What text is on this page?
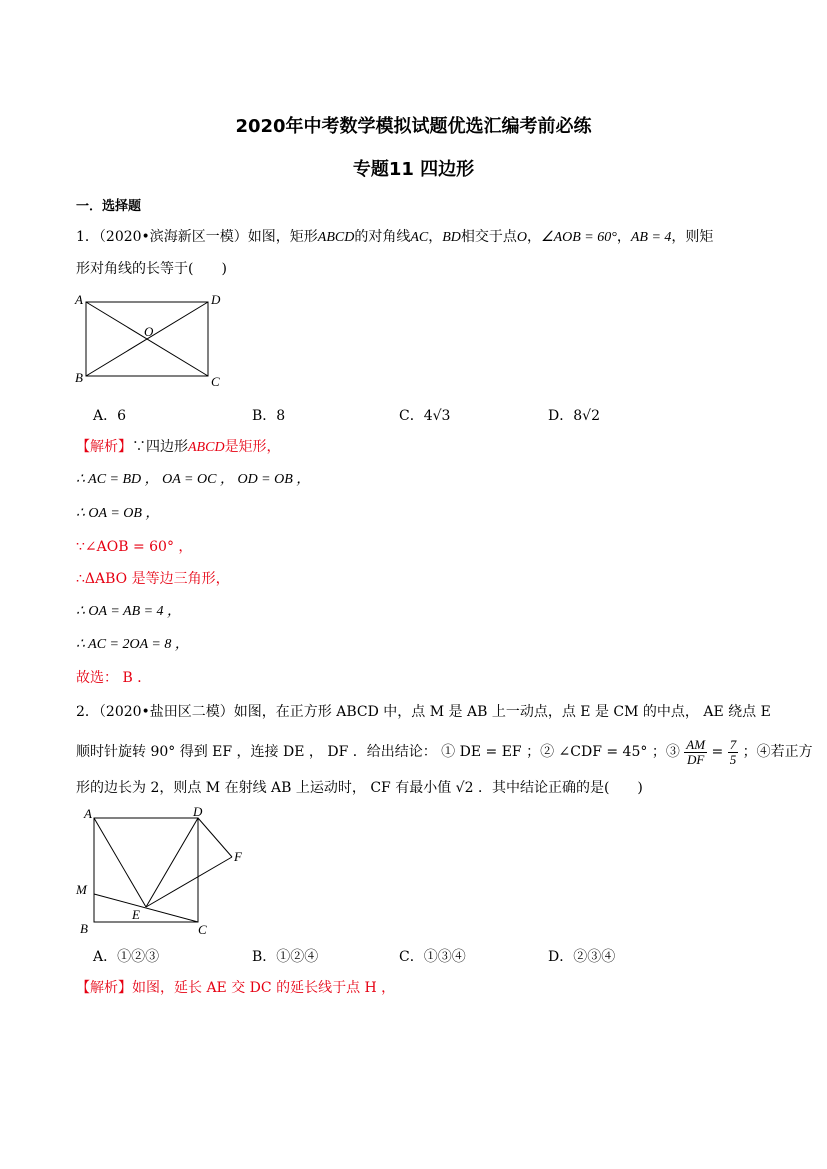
2020年中考数学模拟试题优选汇编考前必练
专题11 四边形
一．选择题
1．（2020•滨海新区一模）如图，矩形ABCD的对角线AC，BD相交于点O，∠AOB = 60°，AB = 4，则矩
形对角线的长等于(　　)
A	D
B	C
O
A．6	B．8	C．4√3	D．8√2
【解析】∵四边形ABCD是矩形，
∴ AC = BD ， OA = OC ， OD = OB ，
∴ OA = OB ，
∵∠AOB = 60° ，
∴ΔABO 是等边三角形，
∴ OA = AB = 4 ，
∴ AC = 2OA = 8 ，
故选： B ．
2．（2020•盐田区二模）如图，在正方形 ABCD 中，点 M 是 AB 上一动点，点 E 是 CM 的中点， AE 绕点 E
顺时针旋转 90° 得到 EF ，连接 DE ， DF ．给出结论： ① DE = EF ；② ∠CDF = 45° ；③ $\frac{AM}{DF} = \frac{7}{5}$ ；④若正方
形的边长为 2，则点 M 在射线 AB 上运动时， CF 有最小值 √2 ．其中结论正确的是(　　)
A	D
F
M
E
B	C
A．①②③	B．①②④	C．①③④	D．②③④
【解析】如图，延长 AE 交 DC 的延长线于点 H ，
